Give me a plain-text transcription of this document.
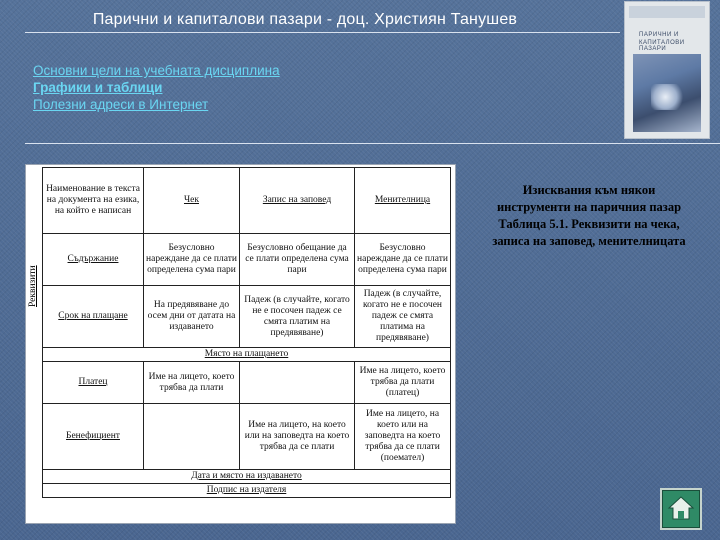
Парични и капиталови пазари - доц. Християн Танушев
ПАРИЧНИ И
КАПИТАЛОВИ ПАЗАРИ
Основни цели на учебната дисциплина
Графики и таблици
Полезни адреси в Интернет
Реквизити
Наименование в текста на документа на езика, на който е написан	Чек	Запис на заповед	Менителница
Съдържание	Безусловно нареждане да се плати определена сума пари	Безусловно обещание да се плати определена сума пари	Безусловно нареждане да се плати определена сума пари
Срок на плащане	На предявяване до осем дни от датата на издаването	Падеж (в случайте, когато не е посочен падеж се смята платим на предявяване)	Падеж (в случайте, когато не е посочен падеж се смята платима на предявяване)
Място на плащането			
Платец	Име на лицето, което трябва да плати		Име на лицето, което трябва да плати (платец)
Бенефициент		Име на лицето, на което или на заповедта на което трябва да се плати	Име на лицето, на което или на заповедта на което трябва да се плати (поемател)
Дата и място на издаването			
Подпис на издателя			
Изисквания към някои
инструменти на паричния пазар
Таблица 5.1. Реквизити на чека,
записа на заповед, менителницата
